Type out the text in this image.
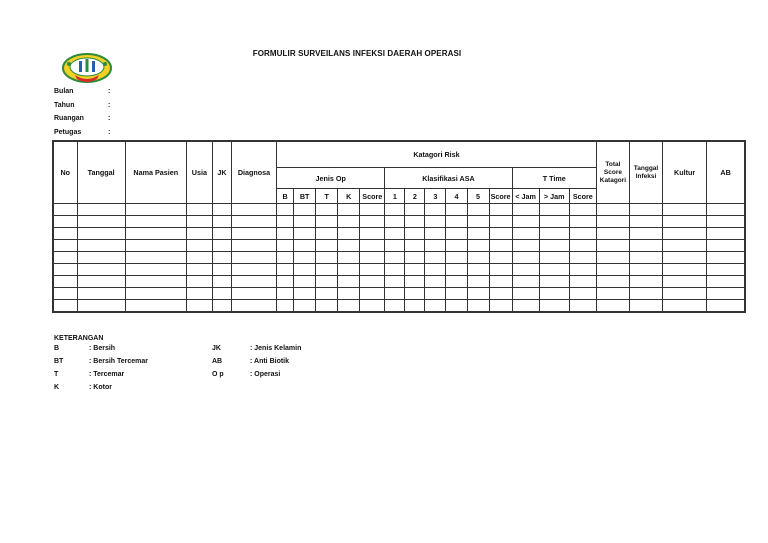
FORMULIR SURVEILANS INFEKSI DAERAH OPERASI
Bulan	:
Tahun	:
Ruangan	:
Petugas	:
No	Tanggal	Nama Pasien	Usia	JK	Diagnosa	Katagori Risk														Total Score Katagori	Tanggal Infeksi	Kultur	AB
						Jenis Op					Klasifikasi ASA						T Time						
						B	BT	T	K	Score	1	2	3	4	5	Score	< Jam	> Jam	Score				

KETERANGAN
B	: Bersih	JK	: Jenis Kelamin
BT	: Bersih Tercemar	AB	: Anti Biotik
T	: Tercemar	O p	: Operasi
K	: Kotor
